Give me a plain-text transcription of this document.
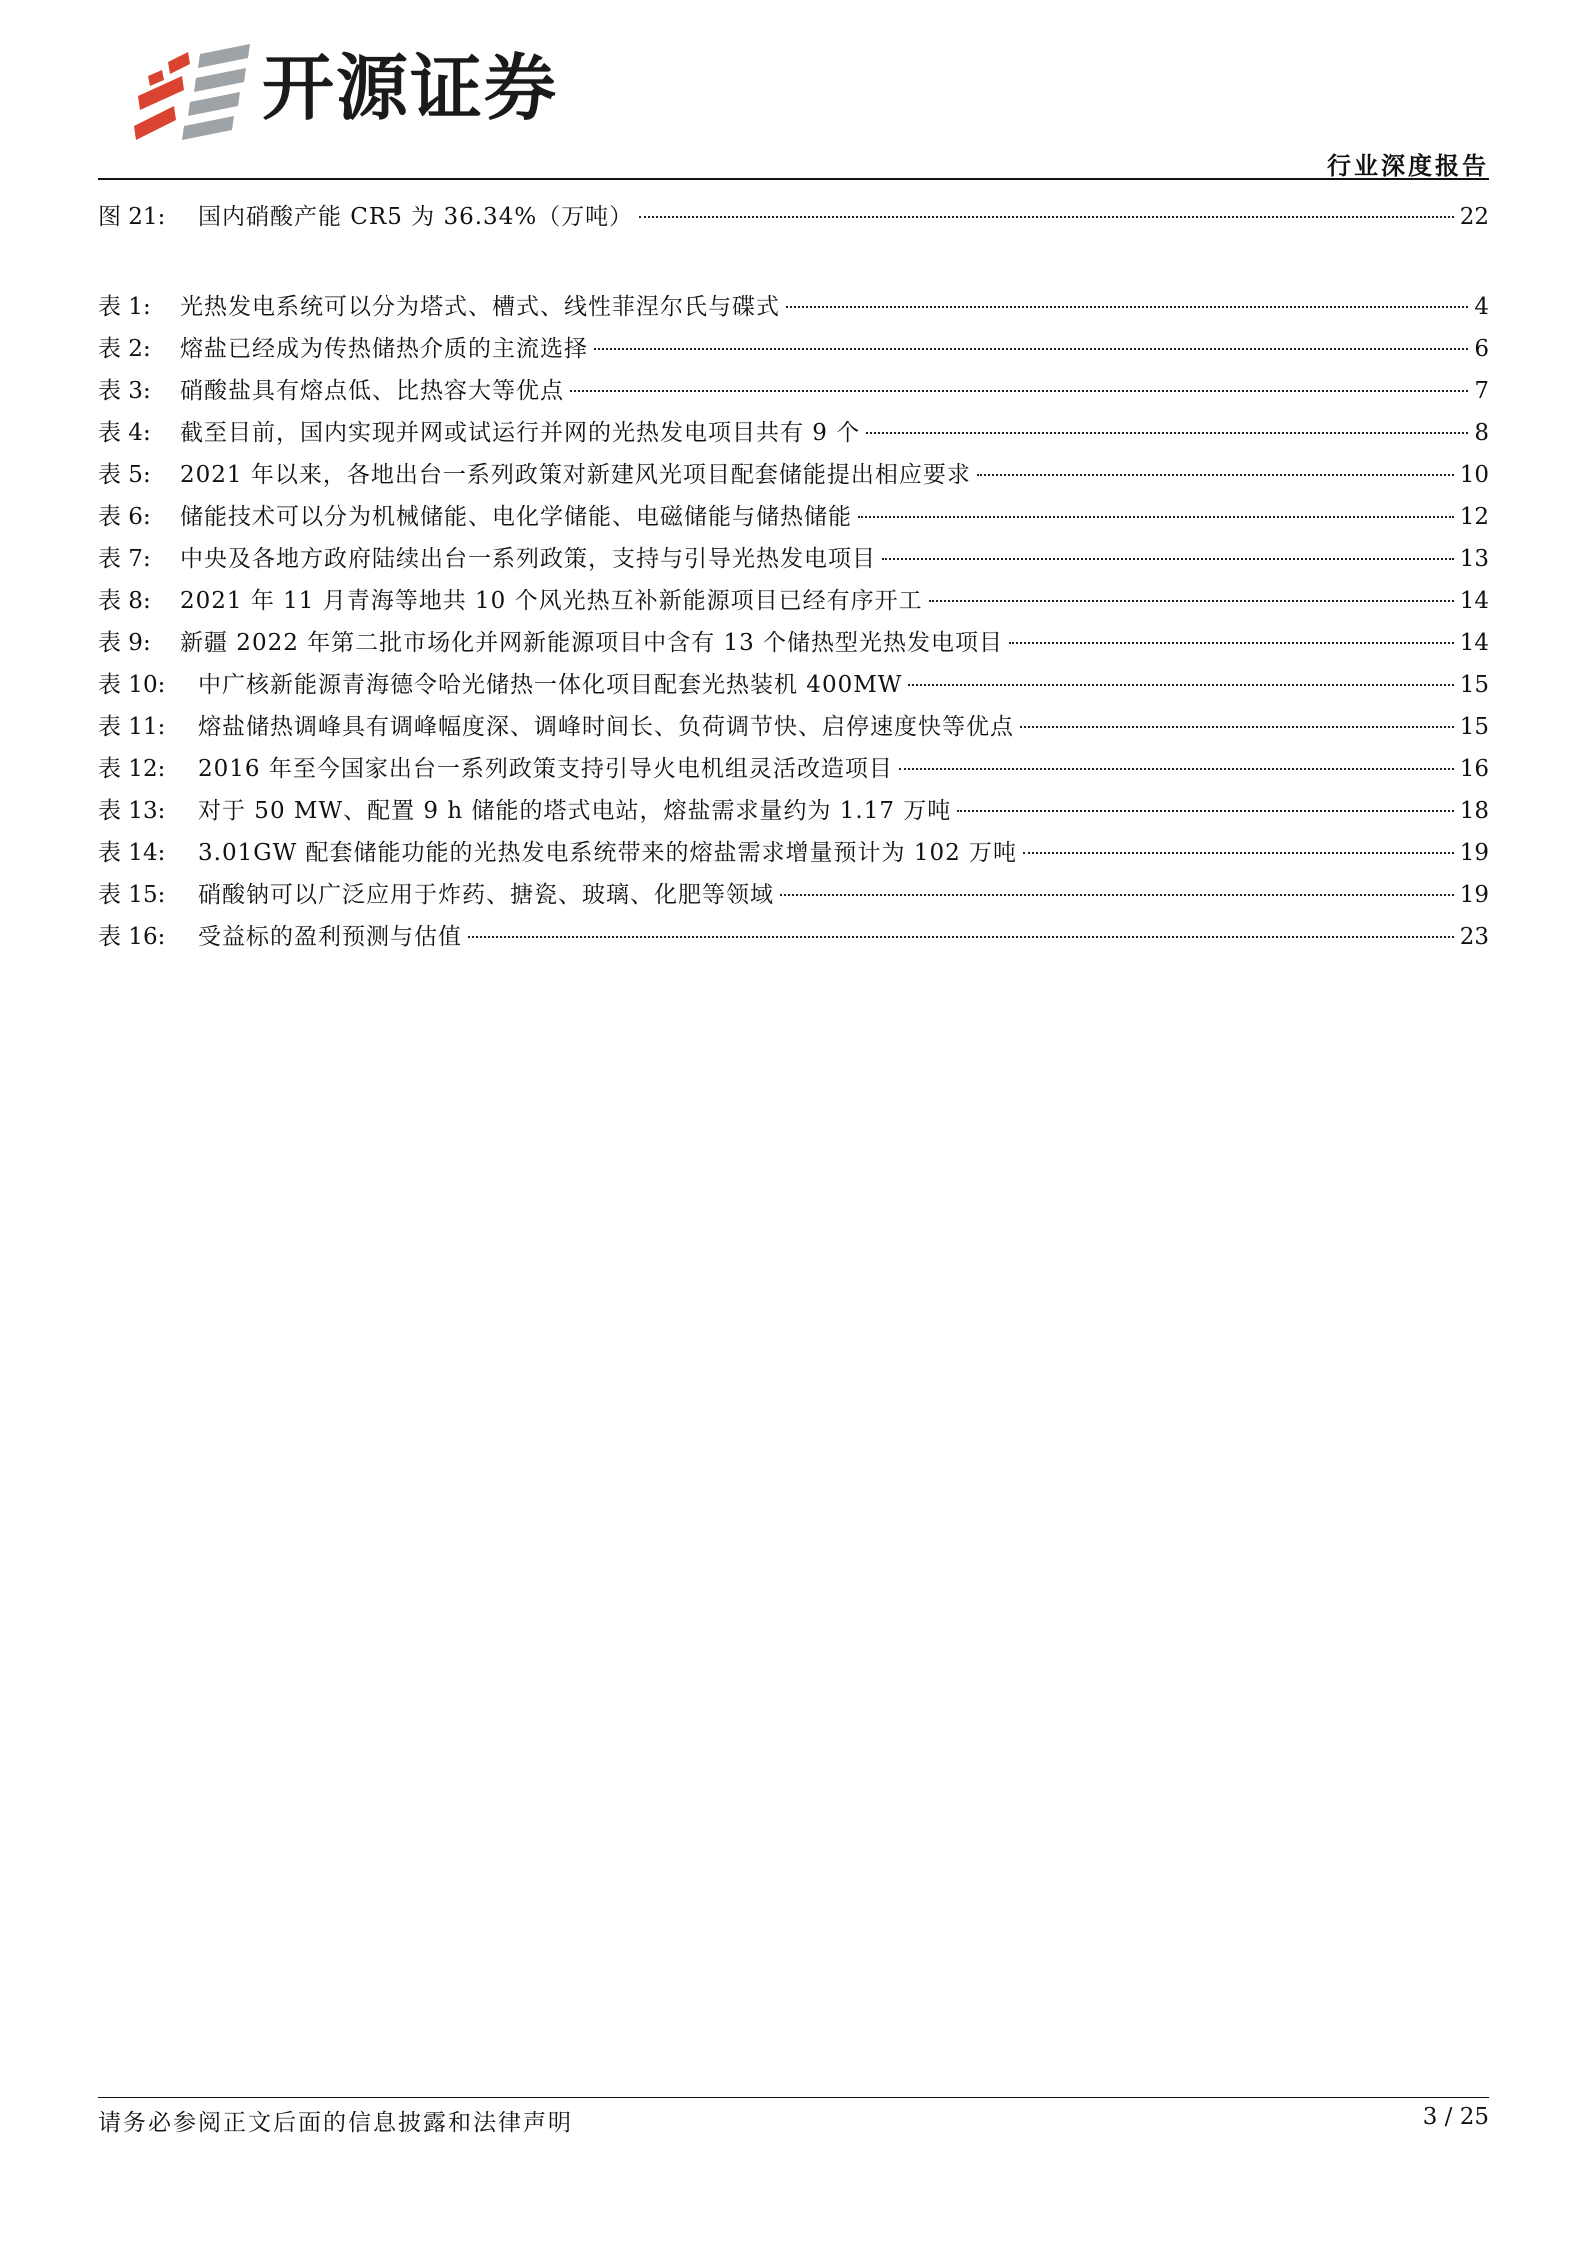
开源证券
行业深度报告
图 21:	国内硝酸产能 CR5 为 36.34%（万吨）	22
表 1:	光热发电系统可以分为塔式、槽式、线性菲涅尔氏与碟式	4
表 2:	熔盐已经成为传热储热介质的主流选择	6
表 3:	硝酸盐具有熔点低、比热容大等优点	7
表 4:	截至目前，国内实现并网或试运行并网的光热发电项目共有 9 个	8
表 5:	2021 年以来，各地出台一系列政策对新建风光项目配套储能提出相应要求	10
表 6:	储能技术可以分为机械储能、电化学储能、电磁储能与储热储能	12
表 7:	中央及各地方政府陆续出台一系列政策，支持与引导光热发电项目	13
表 8:	2021 年 11 月青海等地共 10 个风光热互补新能源项目已经有序开工	14
表 9:	新疆 2022 年第二批市场化并网新能源项目中含有 13 个储热型光热发电项目	14
表 10:	中广核新能源青海德令哈光储热一体化项目配套光热装机 400MW	15
表 11:	熔盐储热调峰具有调峰幅度深、调峰时间长、负荷调节快、启停速度快等优点	15
表 12:	2016 年至今国家出台一系列政策支持引导火电机组灵活改造项目	16
表 13:	对于 50 MW、配置 9 h 储能的塔式电站，熔盐需求量约为 1.17 万吨	18
表 14:	3.01GW 配套储能功能的光热发电系统带来的熔盐需求增量预计为 102 万吨	19
表 15:	硝酸钠可以广泛应用于炸药、搪瓷、玻璃、化肥等领域	19
表 16:	受益标的盈利预测与估值	23
请务必参阅正文后面的信息披露和法律声明	3 / 25
